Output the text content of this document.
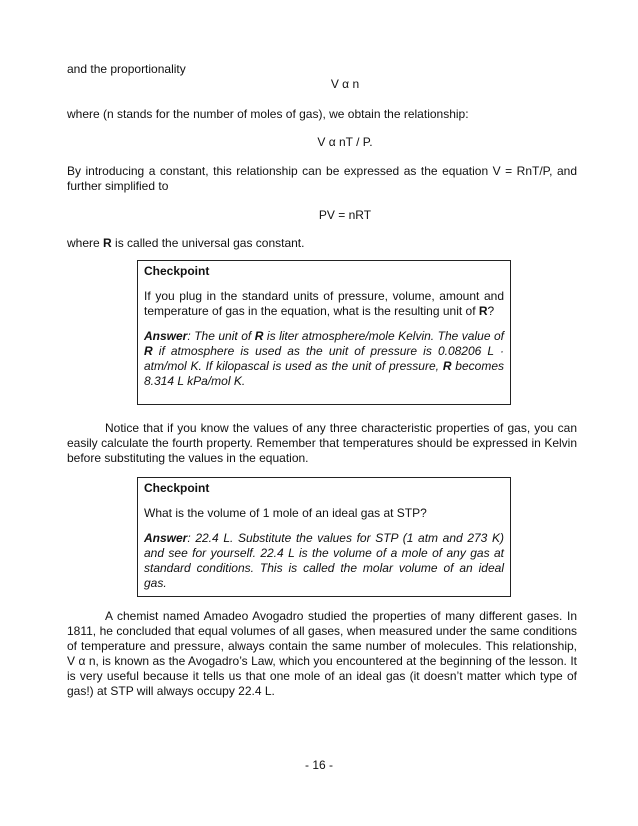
and the proportionality
V α n
where (n stands for the number of moles of gas), we obtain the relationship:
V α nT / P.
By introducing a constant, this relationship can be expressed as the equation V = RnT/P, and further simplified to
PV = nRT
where R is called the universal gas constant.
Checkpoint
If you plug in the standard units of pressure, volume, amount and temperature of gas in the equation, what is the resulting unit of R?
Answer: The unit of R is liter atmosphere/mole Kelvin. The value of R if atmosphere is used as the unit of pressure is 0.08206 L · atm/mol K. If kilopascal is used as the unit of pressure, R becomes 8.314 L kPa/mol K.
Notice that if you know the values of any three characteristic properties of gas, you can easily calculate the fourth property. Remember that temperatures should be expressed in Kelvin before substituting the values in the equation.
Checkpoint
What is the volume of 1 mole of an ideal gas at STP?
Answer: 22.4 L. Substitute the values for STP (1 atm and 273 K) and see for yourself. 22.4 L is the volume of a mole of any gas at standard conditions. This is called the molar volume of an ideal gas.
A chemist named Amadeo Avogadro studied the properties of many different gases. In 1811, he concluded that equal volumes of all gases, when measured under the same conditions of temperature and pressure, always contain the same number of molecules. This relationship, V α n, is known as the Avogadro’s Law, which you encountered at the beginning of the lesson. It is very useful because it tells us that one mole of an ideal gas (it doesn’t matter which type of gas!) at STP will always occupy 22.4 L.
- 16 -
